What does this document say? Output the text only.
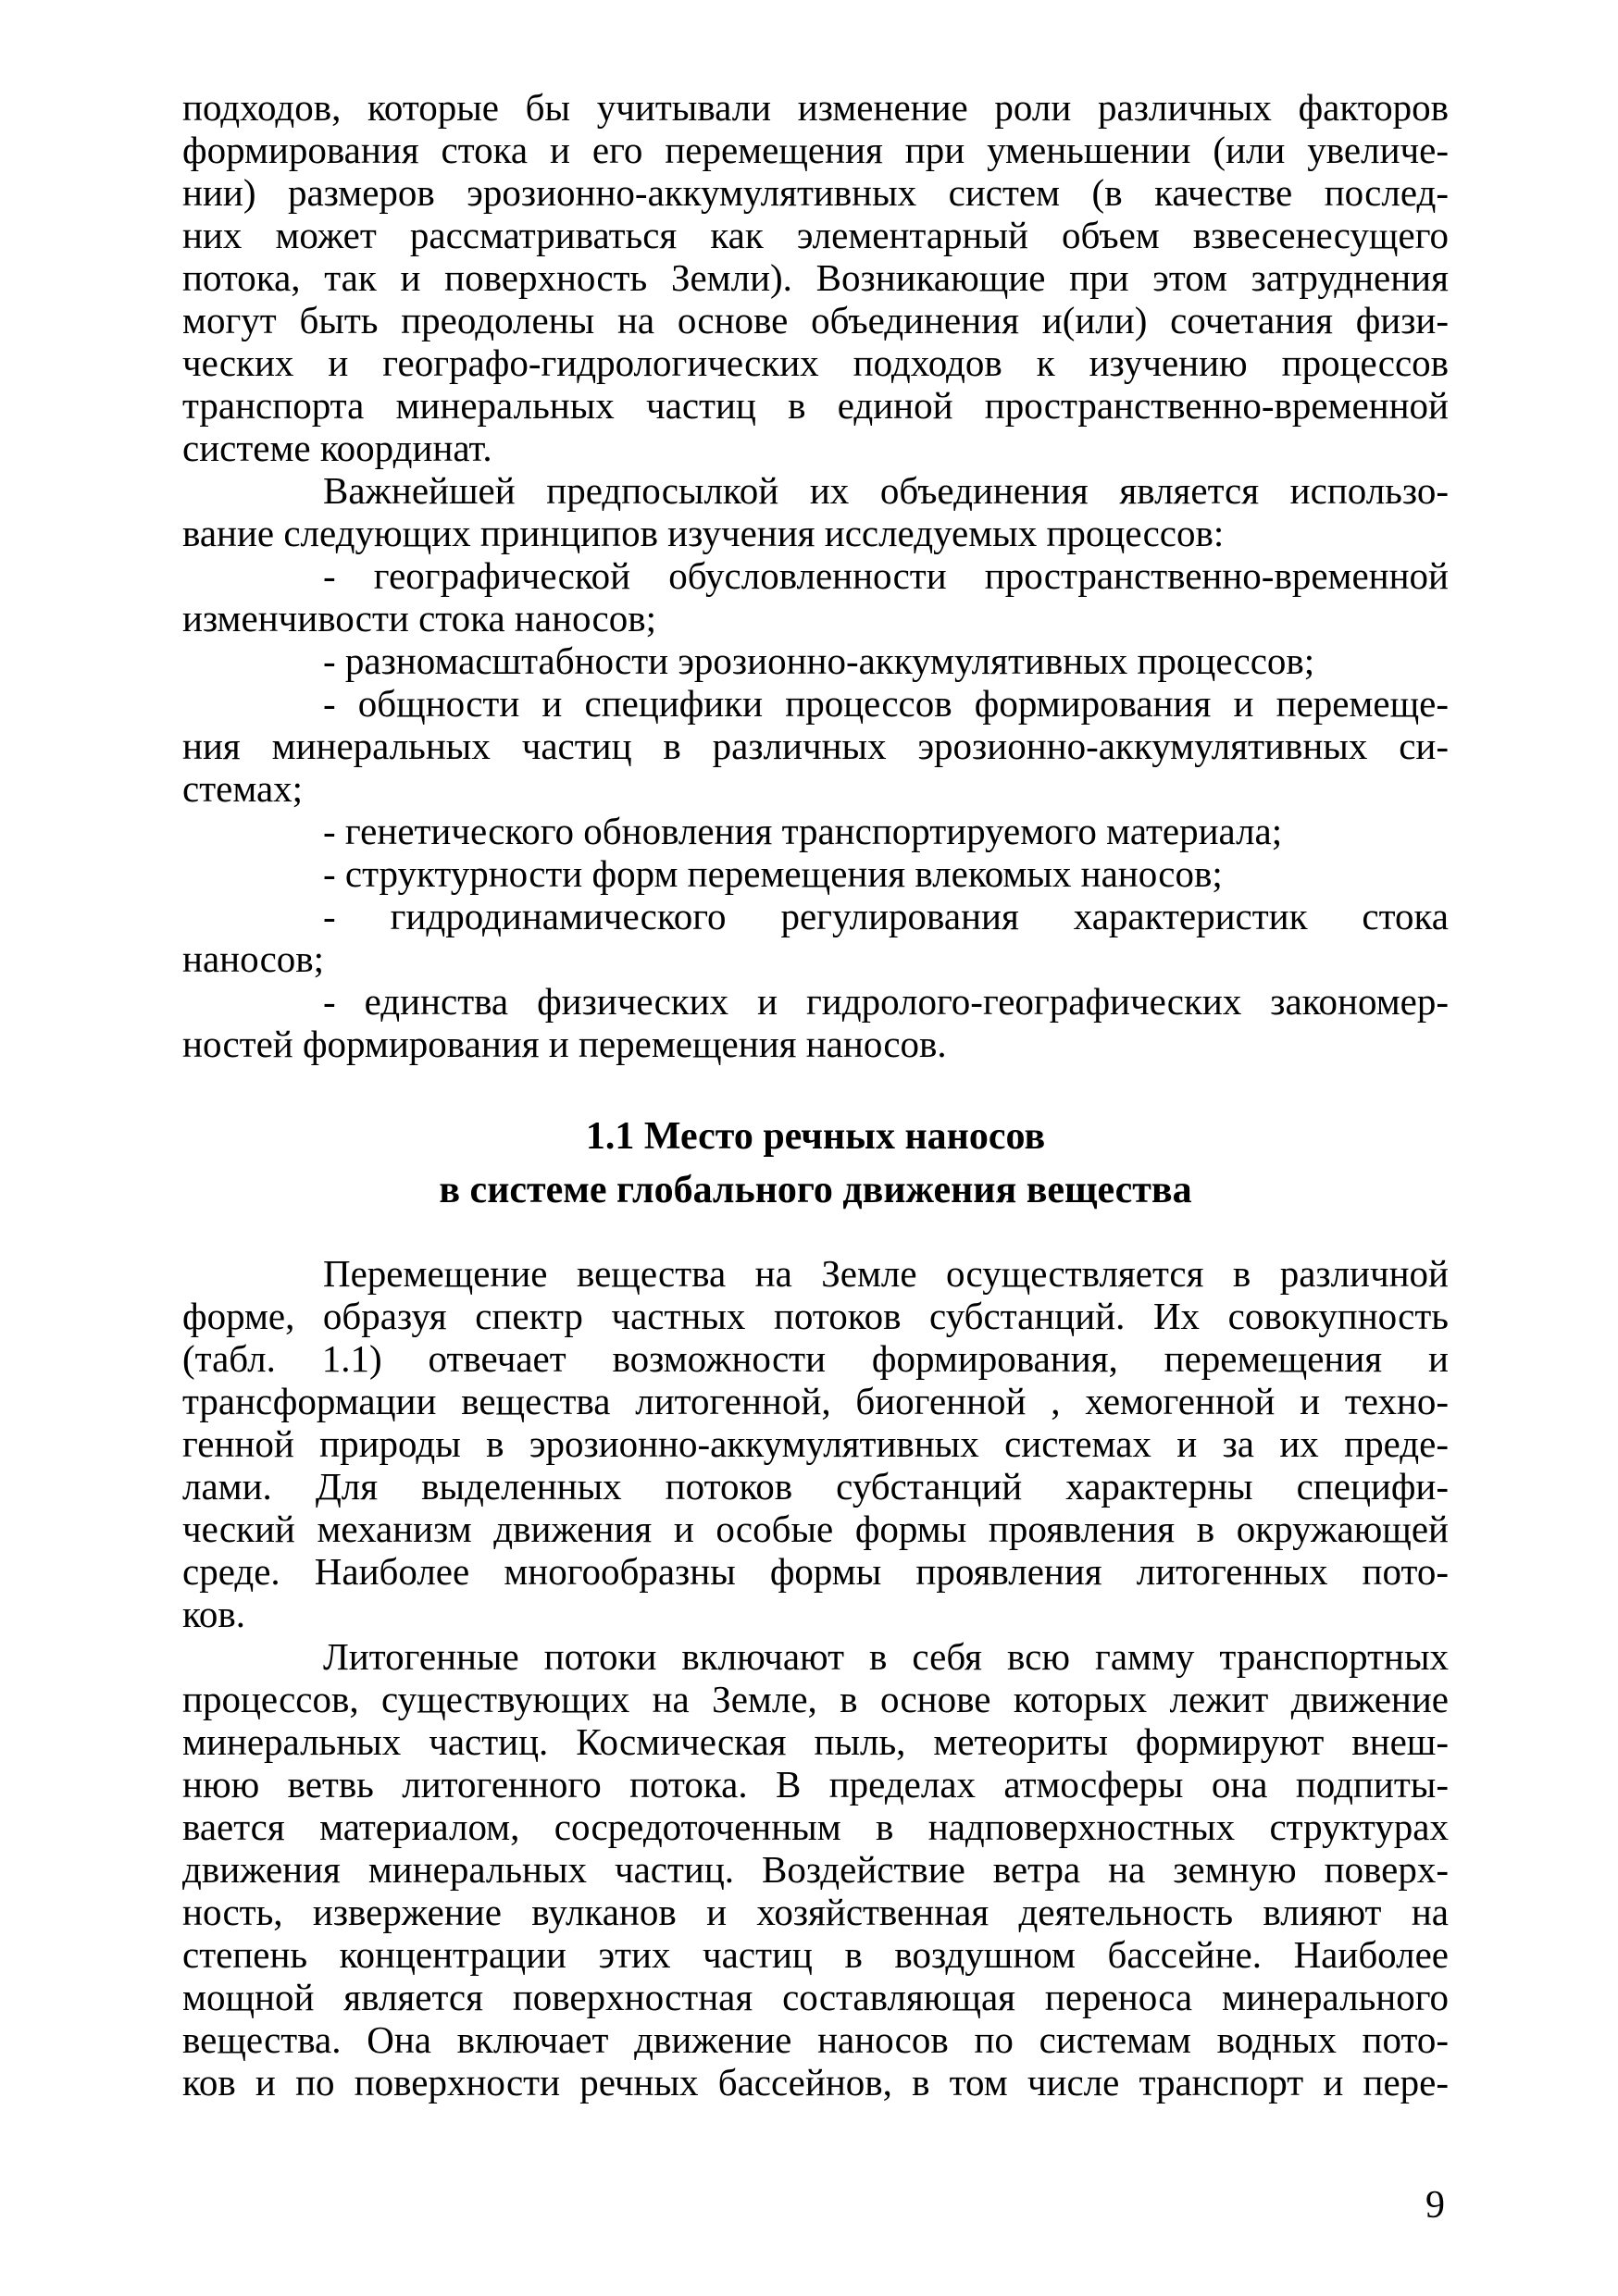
подходов, которые бы учитывали изменение роли различных факторов
формирования стока и его перемещения при уменьшении (или увеличе-
нии) размеров эрозионно-аккумулятивных систем (в качестве послед-
них может рассматриваться как элементарный объем взвесенесущего
потока, так и поверхность Земли). Возникающие при этом затруднения
могут быть преодолены на основе объединения и(или) сочетания физи-
ческих и географо-гидрологических подходов к изучению процессов
транспорта минеральных частиц в единой пространственно-временной
системе координат.
Важнейшей предпосылкой их объединения является использо-
вание следующих принципов изучения исследуемых процессов:
- географической обусловленности пространственно-временной
изменчивости стока наносов;
- разномасштабности эрозионно-аккумулятивных процессов;
- общности и специфики процессов формирования и перемеще-
ния минеральных частиц в различных эрозионно-аккумулятивных си-
стемах;
- генетического обновления транспортируемого материала;
- структурности форм перемещения влекомых наносов;
- гидродинамического регулирования характеристик стока
наносов;
- единства физических и гидролого-географических закономер-
ностей формирования и перемещения наносов.
1.1 Место речных наносов
в системе глобального движения вещества
Перемещение вещества на Земле осуществляется в различной
форме, образуя спектр частных потоков субстанций. Их совокупность
(табл. 1.1) отвечает возможности формирования, перемещения и
трансформации вещества литогенной, биогенной , хемогенной и техно-
генной природы в эрозионно-аккумулятивных системах и за их преде-
лами. Для выделенных потоков субстанций характерны специфи-
ческий механизм движения и особые формы проявления в окружающей
среде. Наиболее многообразны формы проявления литогенных пото-
ков.
Литогенные потоки включают в себя всю гамму транспортных
процессов, существующих на Земле, в основе которых лежит движение
минеральных частиц. Космическая пыль, метеориты формируют внеш-
нюю ветвь литогенного потока. В пределах атмосферы она подпиты-
вается материалом, сосредоточенным в надповерхностных структурах
движения минеральных частиц. Воздействие ветра на земную поверх-
ность, извержение вулканов и хозяйственная деятельность влияют на
степень концентрации этих частиц в воздушном бассейне. Наиболее
мощной является поверхностная составляющая переноса минерального
вещества. Она включает движение наносов по системам водных пото-
ков и по поверхности речных бассейнов, в том числе транспорт и пере-
9
